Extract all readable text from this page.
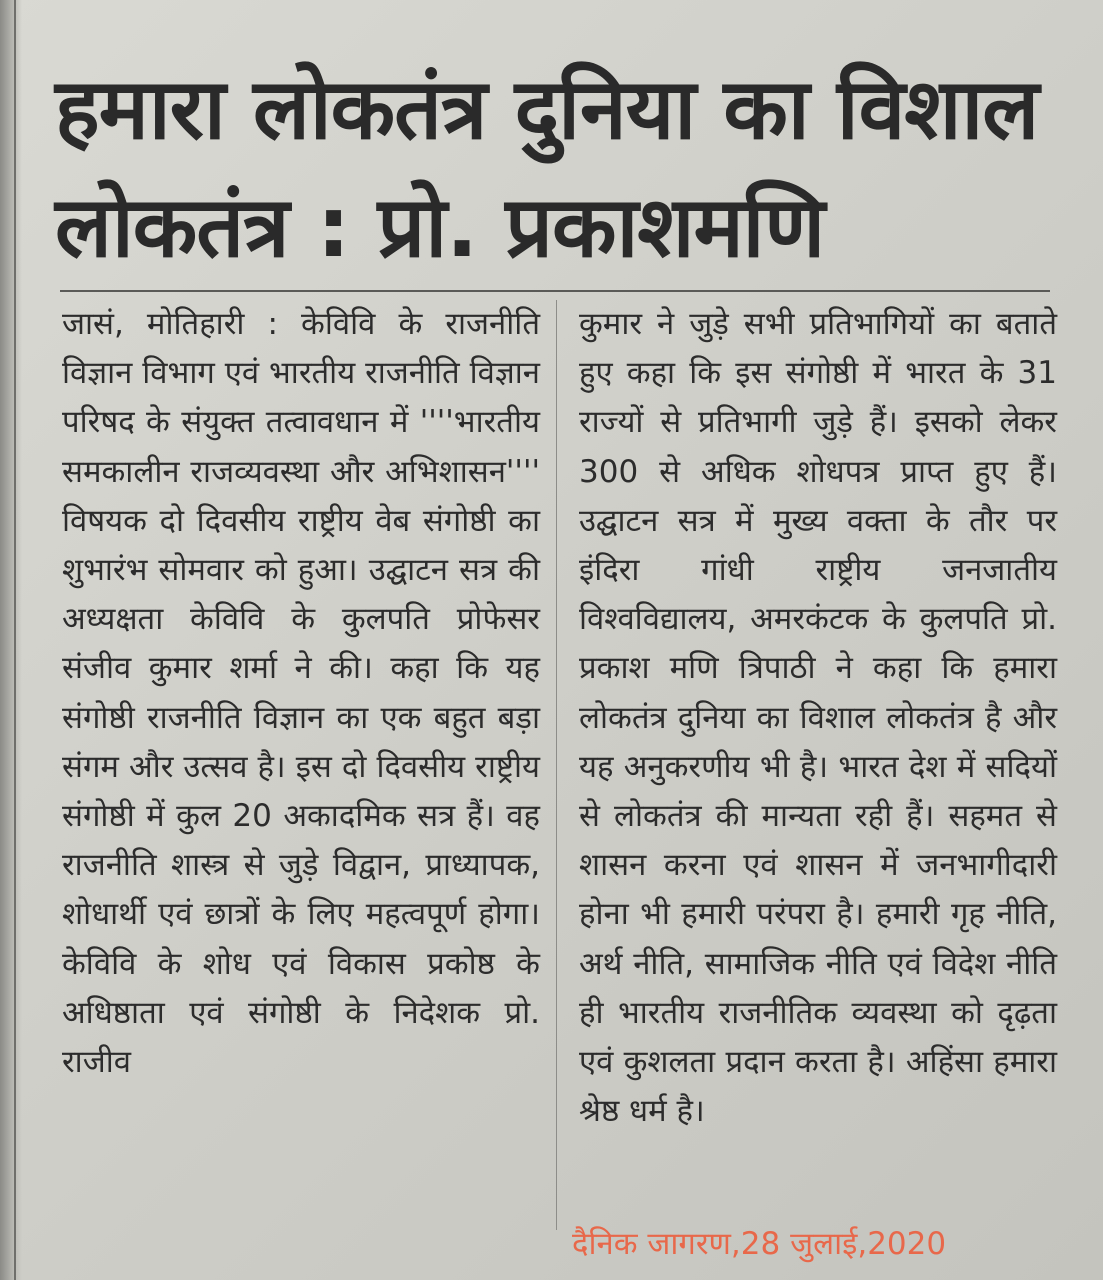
हमारा लोकतंत्र दुनिया का विशाल लोकतंत्र : प्रो. प्रकाशमणि

जासं, मोतिहारी : केविवि के राजनीति विज्ञान विभाग एवं भारतीय राजनीति विज्ञान परिषद के संयुक्त तत्वावधान में ''''भारतीय समकालीन राजव्यवस्था और अभिशासन'''' विषयक दो दिवसीय राष्ट्रीय वेब संगोष्ठी का शुभारंभ सोमवार को हुआ। उद्घाटन सत्र की अध्यक्षता केविवि के कुलपति प्रोफेसर संजीव कुमार शर्मा ने की। कहा कि यह संगोष्ठी राजनीति विज्ञान का एक बहुत बड़ा संगम और उत्सव है। इस दो दिवसीय राष्ट्रीय संगोष्ठी में कुल 20 अकादमिक सत्र हैं। वह राजनीति शास्त्र से जुड़े विद्वान, प्राध्यापक, शोधार्थी एवं छात्रों के लिए महत्वपूर्ण होगा। केविवि के शोध एवं विकास प्रकोष्ठ के अधिष्ठाता एवं संगोष्ठी के निदेशक प्रो. राजीव

कुमार ने जुड़े सभी प्रतिभागियों का बताते हुए कहा कि इस संगोष्ठी में भारत के 31 राज्यों से प्रतिभागी जुड़े हैं। इसको लेकर 300 से अधिक शोधपत्र प्राप्त हुए हैं। उद्घाटन सत्र में मुख्य वक्ता के तौर पर इंदिरा गांधी राष्ट्रीय जनजातीय विश्वविद्यालय, अमरकंटक के कुलपति प्रो. प्रकाश मणि त्रिपाठी ने कहा कि हमारा लोकतंत्र दुनिया का विशाल लोकतंत्र है और यह अनुकरणीय भी है। भारत देश में सदियों से लोकतंत्र की मान्यता रही हैं। सहमत से शासन करना एवं शासन में जनभागीदारी होना भी हमारी परंपरा है। हमारी गृह नीति, अर्थ नीति, सामाजिक नीति एवं विदेश नीति ही भारतीय राजनीतिक व्यवस्था को दृढ़ता एवं कुशलता प्रदान करता है। अहिंसा हमारा श्रेष्ठ धर्म है।

दैनिक जागरण,28 जुलाई,2020
